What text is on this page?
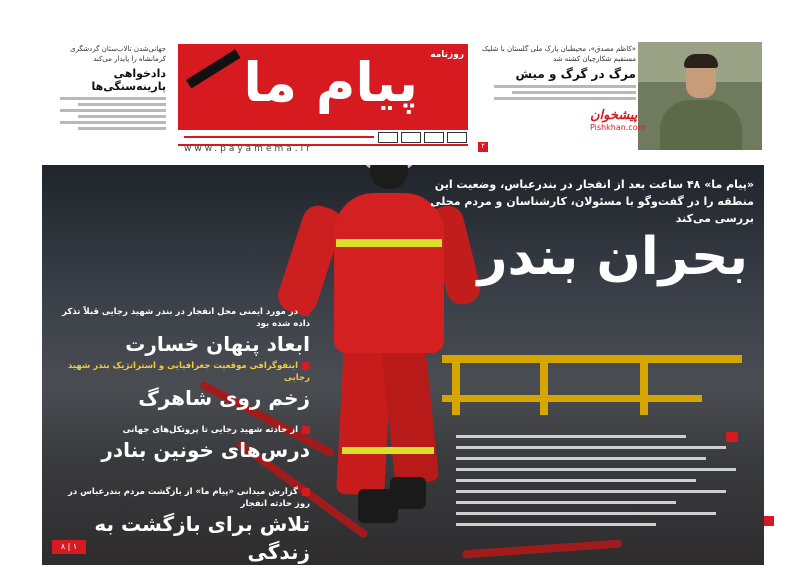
جهانی‌شدن تالاب‌ستان گردشگری کرمانشاه را پایدار می‌کند
دادخواهی پارینه‌سنگی‌ها
روزنامه
پیام ما
www.payamema.ir
«کاظم مصدق»، محیطبان پارک ملی گلستان با شلیک مستقیم شکارچیان کشته شد
مرگ در گرگ و میش
۲
پیشخوان
Pishkhan.com
«پیام ما» ۴۸ ساعت بعد از انفجار در بندرعباس، وضعیت این منطقه را در گفت‌وگو با مسئولان، کارشناسان و مردم محلی بررسی می‌کند
بحران بندر
در مورد ایمنی محل انفجار در بندر شهید رجایی قبلاً تذکر داده شده بود
ابعاد پنهان خسارت
اینفوگرافی موقعیت جغرافیایی و استراتژیک بندر شهید رجایی
زخم روی شاهرگ
از حادثه شهید رجایی تا پروتکل‌های جهانی
درس‌های خونین بنادر
گزارش میدانی «پیام ما» از بازگشت مردم بندرعباس در روز حادثه انفجار
تلاش برای بازگشت به زندگی
۸ | ۱
